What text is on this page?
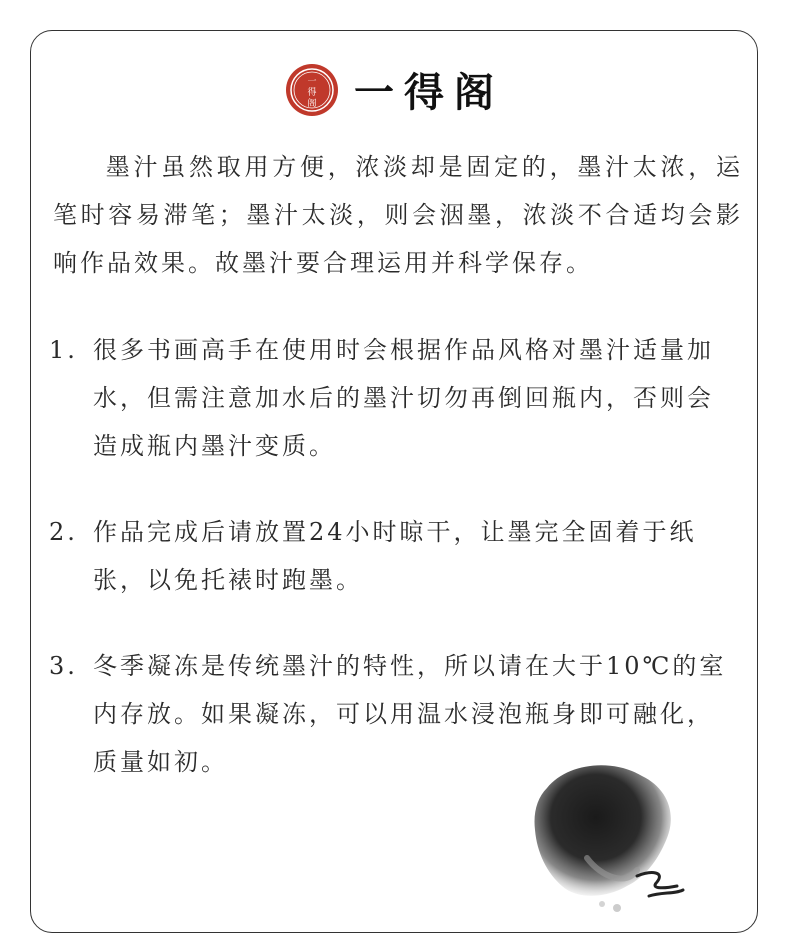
一
得
阁 一得阁

墨汁虽然取用方便，浓淡却是固定的，墨汁太浓，运笔时容易滞笔；墨汁太淡，则会洇墨，浓淡不合适均会影响作品效果。故墨汁要合理运用并科学保存。

1. 很多书画高手在使用时会根据作品风格对墨汁适量加水，但需注意加水后的墨汁切勿再倒回瓶内，否则会造成瓶内墨汁变质。
2. 作品完成后请放置24小时晾干，让墨完全固着于纸张，以免托裱时跑墨。
3. 冬季凝冻是传统墨汁的特性，所以请在大于10℃的室内存放。如果凝冻，可以用温水浸泡瓶身即可融化，质量如初。
